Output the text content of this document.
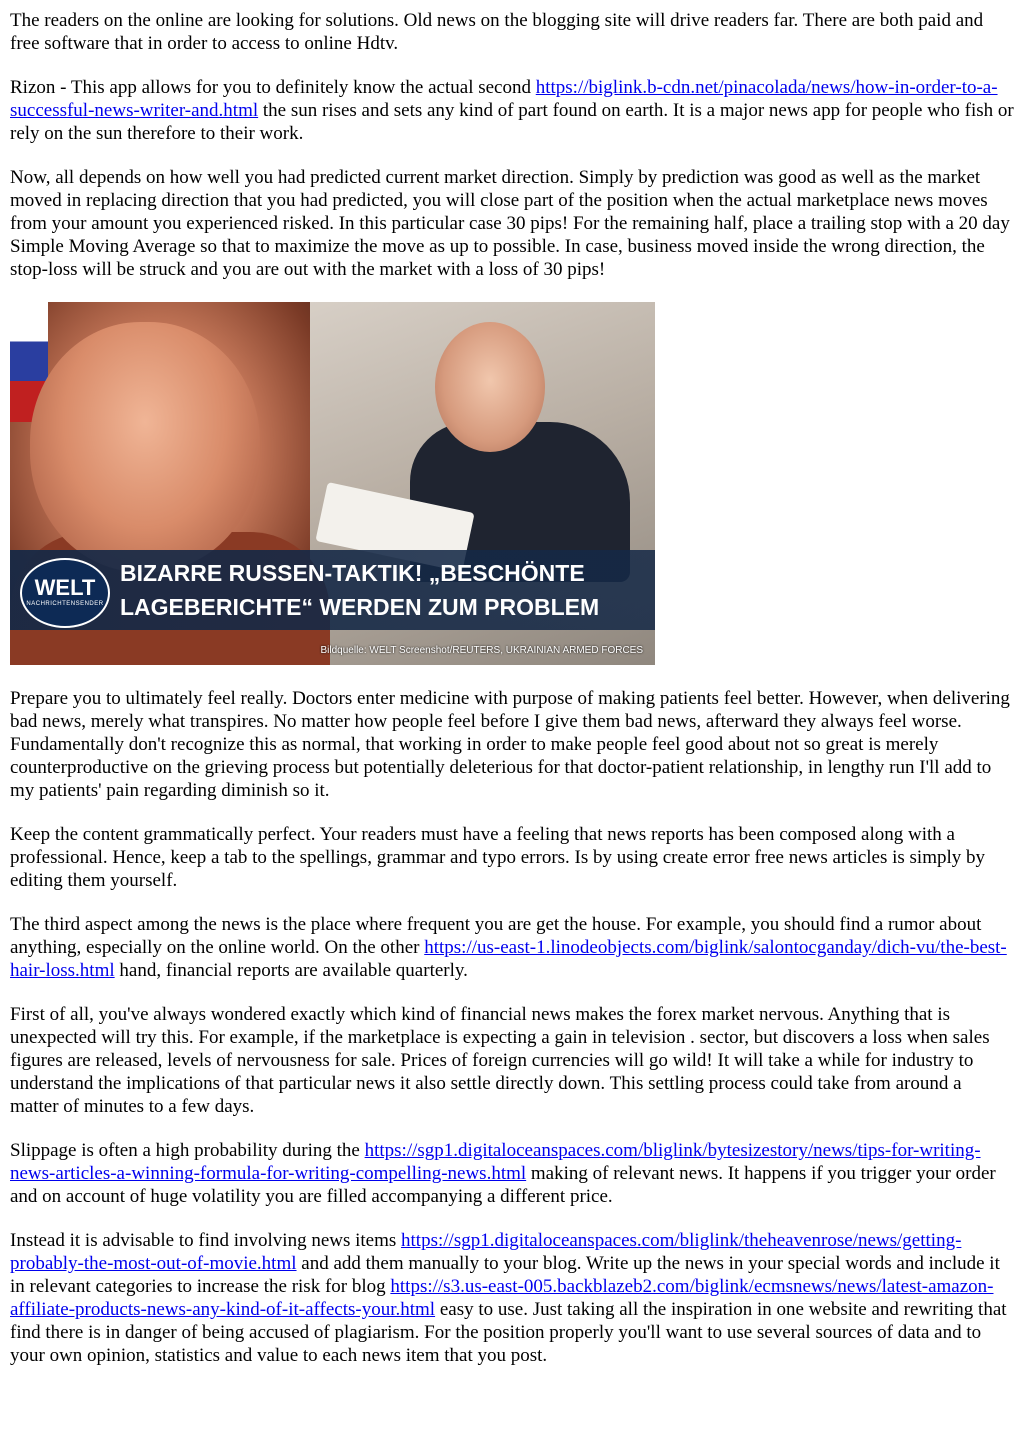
The readers on the online are looking for solutions. Old news on the blogging site will drive readers far. There are both paid and free software that in order to access to online Hdtv.

Rizon - This app allows for you to definitely know the actual second https://biglink.b-cdn.net/pinacolada/news/how-in-order-to-a-successful-news-writer-and.html the sun rises and sets any kind of part found on earth. It is a major news app for people who fish or rely on the sun therefore to their work.

Now, all depends on how well you had predicted current market direction. Simply by prediction was good as well as the market moved in replacing direction that you had predicted, you will close part of the position when the actual marketplace news moves from your amount you experienced risked. In this particular case 30 pips! For the remaining half, place a trailing stop with a 20 day Simple Moving Average so that to maximize the move as up to possible. In case, business moved inside the wrong direction, the stop-loss will be struck and you are out with the market with a loss of 30 pips!

WELT
NACHRICHTENSENDER
BIZARRE RUSSEN-TAKTIK! „BESCHÖNTE
LAGEBERICHTE“ WERDEN ZUM PROBLEM
Bildquelle: WELT Screenshot/REUTERS, UKRAINIAN ARMED FORCES

Prepare you to ultimately feel really. Doctors enter medicine with purpose of making patients feel better. However, when delivering bad news, merely what transpires. No matter how people feel before I give them bad news, afterward they always feel worse. Fundamentally don't recognize this as normal, that working in order to make people feel good about not so great is merely counterproductive on the grieving process but potentially deleterious for that doctor-patient relationship, in lengthy run I'll add to my patients' pain regarding diminish so it.

Keep the content grammatically perfect. Your readers must have a feeling that news reports has been composed along with a professional. Hence, keep a tab to the spellings, grammar and typo errors. Is by using create error free news articles is simply by editing them yourself.

The third aspect among the news is the place where frequent you are get the house. For example, you should find a rumor about anything, especially on the online world. On the other https://us-east-1.linodeobjects.com/biglink/salontocganday/dich-vu/the-best-hair-loss.html hand, financial reports are available quarterly.

First of all, you've always wondered exactly which kind of financial news makes the forex market nervous. Anything that is unexpected will try this. For example, if the marketplace is expecting a gain in television . sector, but discovers a loss when sales figures are released, levels of nervousness for sale. Prices of foreign currencies will go wild! It will take a while for industry to understand the implications of that particular news it also settle directly down. This settling process could take from around a matter of minutes to a few days.

Slippage is often a high probability during the https://sgp1.digitaloceanspaces.com/bliglink/bytesizestory/news/tips-for-writing-news-articles-a-winning-formula-for-writing-compelling-news.html making of relevant news. It happens if you trigger your order and on account of huge volatility you are filled accompanying a different price.

Instead it is advisable to find involving news items https://sgp1.digitaloceanspaces.com/bliglink/theheavenrose/news/getting-probably-the-most-out-of-movie.html and add them manually to your blog. Write up the news in your special words and include it in relevant categories to increase the risk for blog https://s3.us-east-005.backblazeb2.com/biglink/ecmsnews/news/latest-amazon-affiliate-products-news-any-kind-of-it-affects-your.html easy to use. Just taking all the inspiration in one website and rewriting that find there is in danger of being accused of plagiarism. For the position properly you'll want to use several sources of data and to your own opinion, statistics and value to each news item that you post.
